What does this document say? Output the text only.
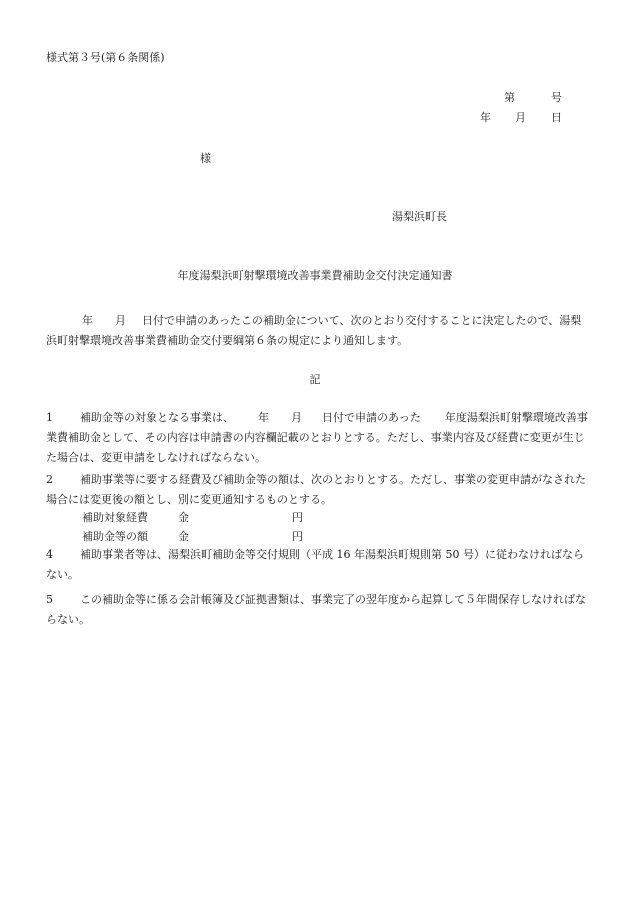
様式第３号(第６条関係)
第	号
年 月 日
様
湯梨浜町長
年度湯梨浜町射撃環境改善事業費補助金交付決定通知書
年 月 日付で申請のあったこの補助金について、次のとおり交付することに決定したので、湯梨浜町射撃環境改善事業費補助金交付要綱第６条の規定により通知します。
記
1 補助金等の対象となる事業は、 年 月 日付で申請のあった 年度湯梨浜町射撃環境改善事業費補助金として、その内容は申請書の内容欄記載のとおりとする。ただし、事業内容及び経費に変更が生じた場合は、変更申請をしなければならない。
2 補助事業等に要する経費及び補助金等の額は、次のとおりとする。ただし、事業の変更申請がなされた場合には変更後の額とし、別に変更通知するものとする。
補助対象経費	金	円
補助金等の額	金	円
4 補助事業者等は、湯梨浜町補助金等交付規則（平成 16 年湯梨浜町規則第 50 号）に従わなければならない。
5 この補助金等に係る会計帳簿及び証拠書類は、事業完了の翌年度から起算して５年間保存しなければならない。
